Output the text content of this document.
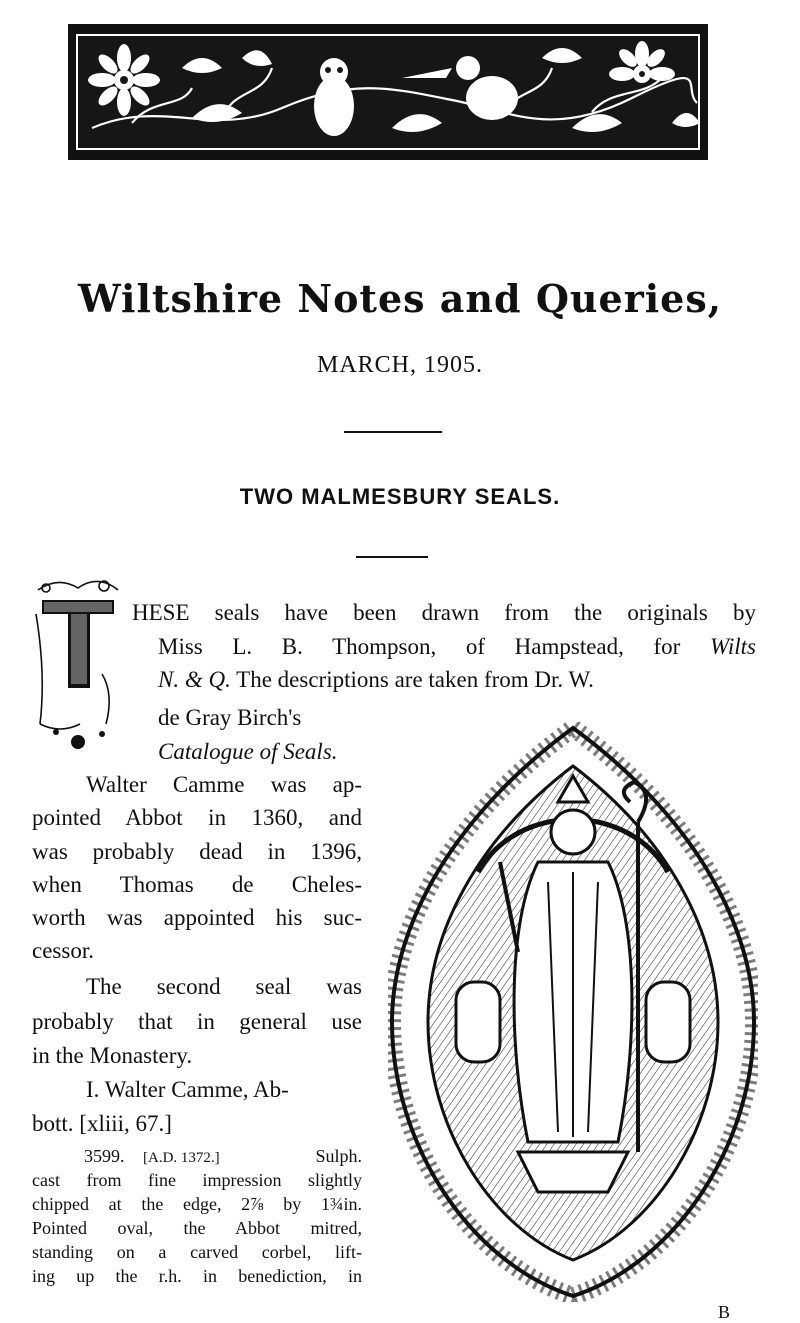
Wiltshire Notes and Queries,
MARCH, 1905.
TWO MALMESBURY SEALS.
HESE seals have been drawn from the originals by
Miss L. B. Thompson, of Hampstead, for Wilts
N. & Q. The descriptions are taken from Dr. W.
de Gray Birch's
Catalogue of Seals.
Walter Camme was ap-
pointed Abbot in 1360, and
was probably dead in 1396,
when Thomas de Cheles-
worth was appointed his suc-
cessor.
The second seal was
probably that in general use
in the Monastery.
I. Walter Camme, Ab-
bott. [xliii, 67.]
3599. [A.D. 1372.]	Sulph.
cast from fine impression slightly
chipped at the edge, 2⅞ by 1¾in.
Pointed oval, the Abbot mitred,
standing on a carved corbel, lift-
ing up the r.h. in benediction, in
B
